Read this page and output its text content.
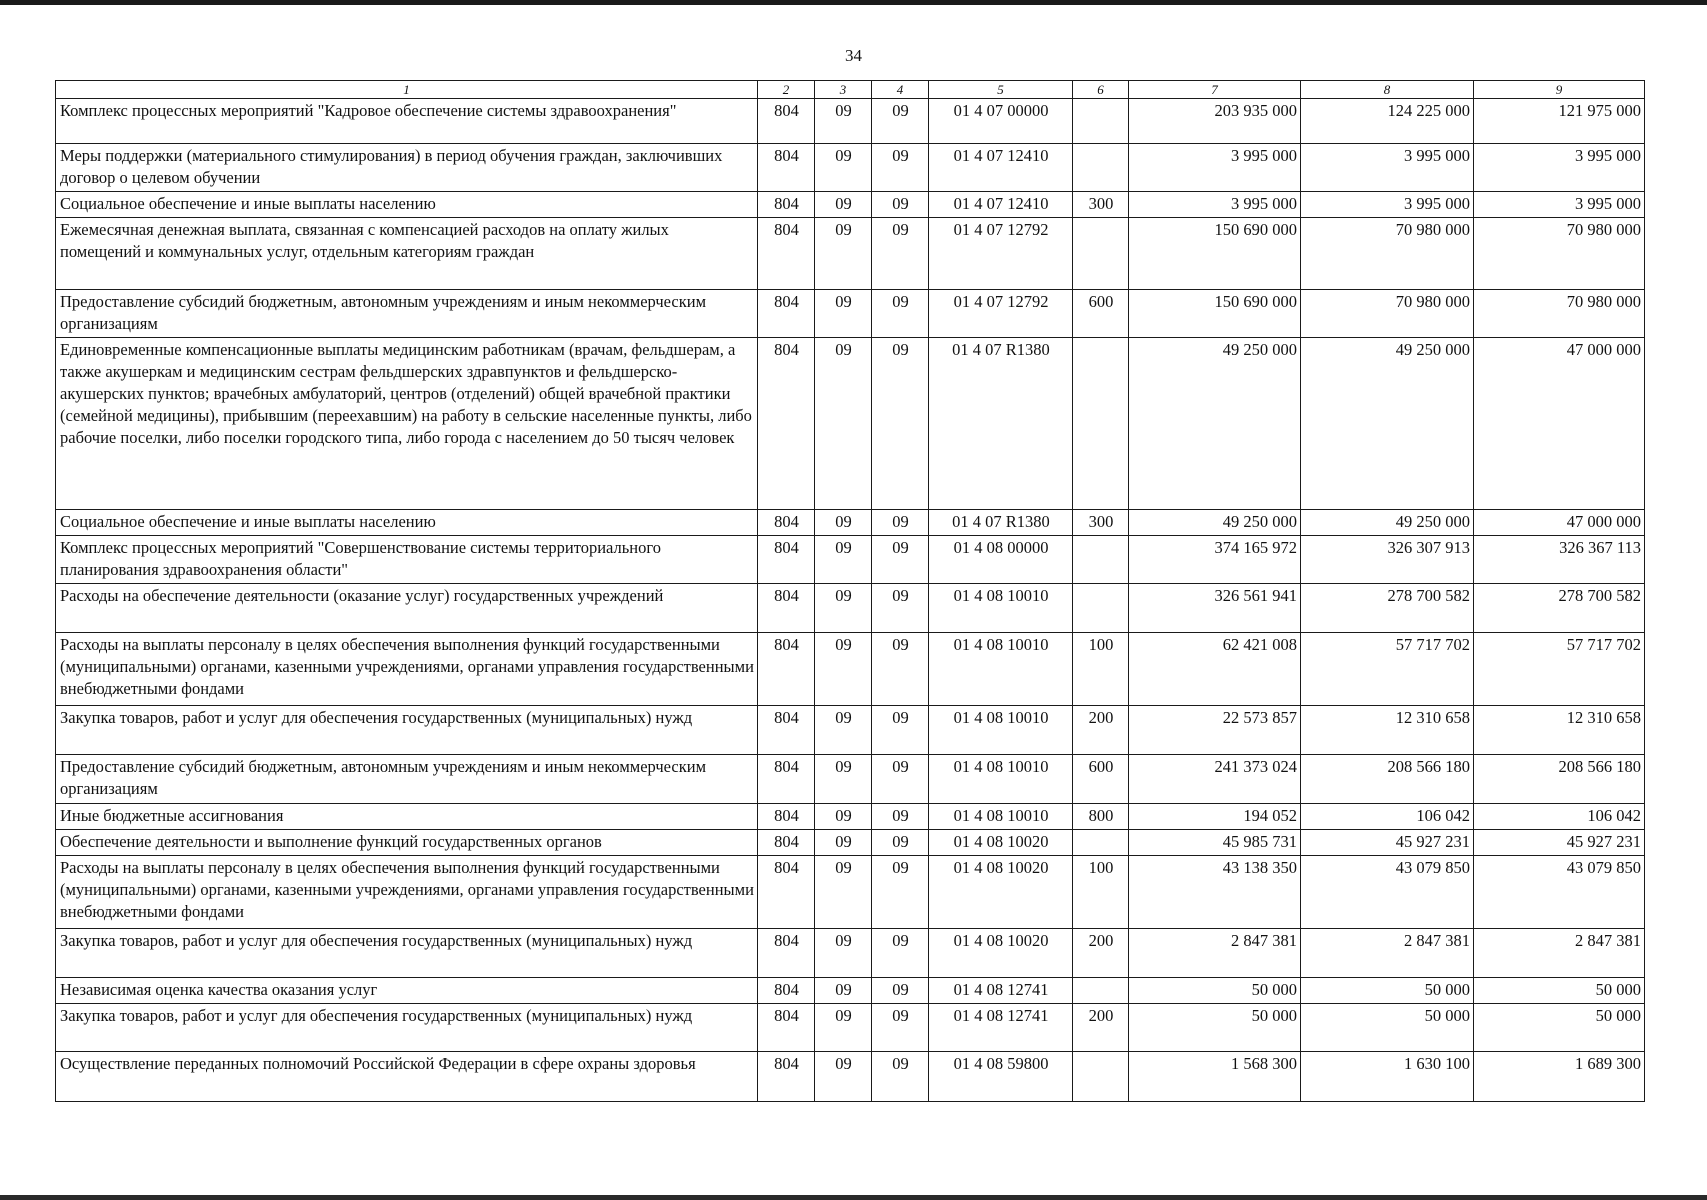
34
1	2	3	4	5	6	7	8	9
Комплекс процессных мероприятий "Кадровое обеспечение системы здравоохранения"	804	09	09	01 4 07 00000		203 935 000	124 225 000	121 975 000
Меры поддержки (материального стимулирования) в период обучения граждан, заключивших договор о целевом обучении	804	09	09	01 4 07 12410		3 995 000	3 995 000	3 995 000
Социальное обеспечение и иные выплаты населению	804	09	09	01 4 07 12410	300	3 995 000	3 995 000	3 995 000
Ежемесячная денежная выплата, связанная с компенсацией расходов на оплату жилых помещений и коммунальных услуг, отдельным категориям граждан	804	09	09	01 4 07 12792		150 690 000	70 980 000	70 980 000
Предоставление субсидий бюджетным, автономным учреждениям и иным некоммерческим организациям	804	09	09	01 4 07 12792	600	150 690 000	70 980 000	70 980 000
Единовременные компенсационные выплаты медицинским работникам (врачам, фельдшерам, а также акушеркам и медицинским сестрам фельдшерских здравпунктов и фельдшерско-акушерских пунктов; врачебных амбулаторий, центров (отделений) общей врачебной практики (семейной медицины), прибывшим (переехавшим) на работу в сельские населенные пункты, либо рабочие поселки, либо поселки городского типа, либо города с населением до 50 тысяч человек	804	09	09	01 4 07 R1380		49 250 000	49 250 000	47 000 000
Социальное обеспечение и иные выплаты населению	804	09	09	01 4 07 R1380	300	49 250 000	49 250 000	47 000 000
Комплекс процессных мероприятий "Совершенствование системы территориального планирования здравоохранения области"	804	09	09	01 4 08 00000		374 165 972	326 307 913	326 367 113
Расходы на обеспечение деятельности (оказание услуг) государственных учреждений	804	09	09	01 4 08 10010		326 561 941	278 700 582	278 700 582
Расходы на выплаты персоналу в целях обеспечения выполнения функций государственными (муниципальными) органами, казенными учреждениями, органами управления государственными внебюджетными фондами	804	09	09	01 4 08 10010	100	62 421 008	57 717 702	57 717 702
Закупка товаров, работ и услуг для обеспечения государственных (муниципальных) нужд	804	09	09	01 4 08 10010	200	22 573 857	12 310 658	12 310 658
Предоставление субсидий бюджетным, автономным учреждениям и иным некоммерческим организациям	804	09	09	01 4 08 10010	600	241 373 024	208 566 180	208 566 180
Иные бюджетные ассигнования	804	09	09	01 4 08 10010	800	194 052	106 042	106 042
Обеспечение деятельности и выполнение функций государственных органов	804	09	09	01 4 08 10020		45 985 731	45 927 231	45 927 231
Расходы на выплаты персоналу в целях обеспечения выполнения функций государственными (муниципальными) органами, казенными учреждениями, органами управления государственными внебюджетными фондами	804	09	09	01 4 08 10020	100	43 138 350	43 079 850	43 079 850
Закупка товаров, работ и услуг для обеспечения государственных (муниципальных) нужд	804	09	09	01 4 08 10020	200	2 847 381	2 847 381	2 847 381
Независимая оценка качества оказания услуг	804	09	09	01 4 08 12741		50 000	50 000	50 000
Закупка товаров, работ и услуг для обеспечения государственных (муниципальных) нужд	804	09	09	01 4 08 12741	200	50 000	50 000	50 000
Осуществление переданных полномочий Российской Федерации в сфере охраны здоровья	804	09	09	01 4 08 59800		1 568 300	1 630 100	1 689 300
